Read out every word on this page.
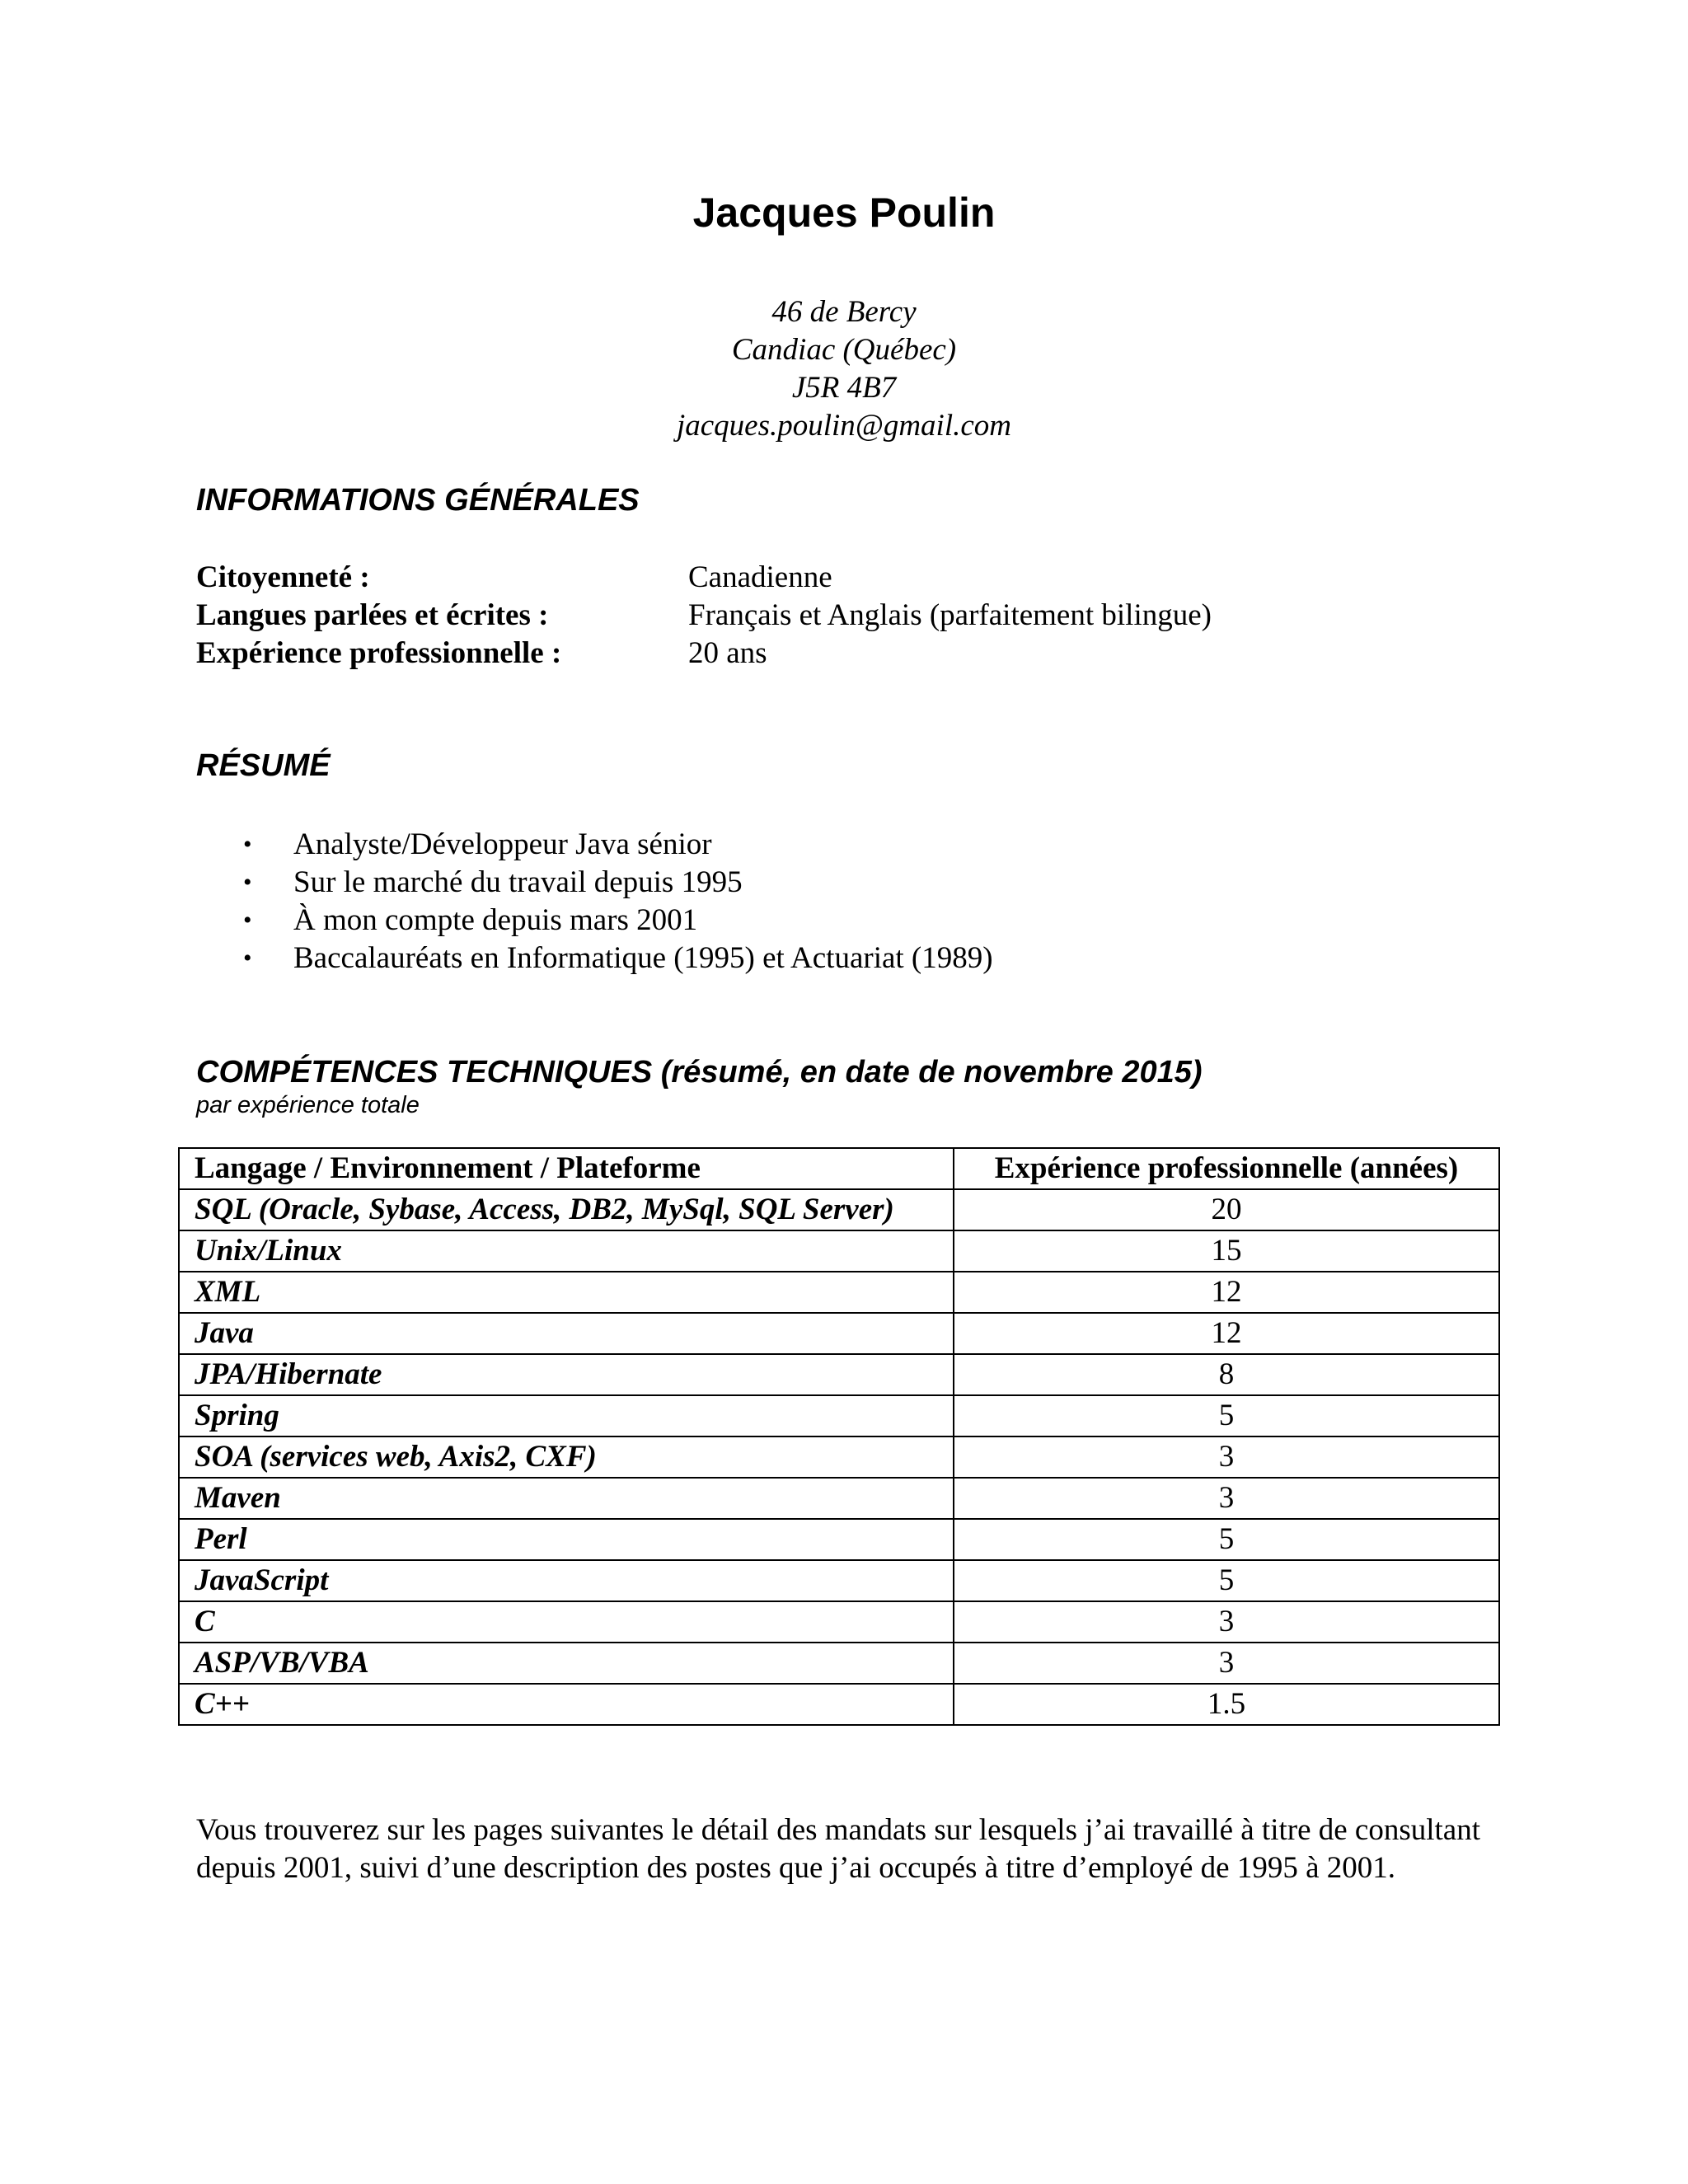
Jacques Poulin
46 de Bercy
Candiac (Québec)
J5R 4B7
jacques.poulin@gmail.com
INFORMATIONS GÉNÉRALES
Citoyenneté :	Canadienne
Langues parlées et écrites :	Français et Anglais (parfaitement bilingue)
Expérience professionnelle :	20 ans
RÉSUMÉ
• Analyste/Développeur Java sénior
• Sur le marché du travail depuis 1995
• À mon compte depuis mars 2001
• Baccalauréats en Informatique (1995) et Actuariat (1989)
COMPÉTENCES TECHNIQUES (résumé, en date de novembre 2015)
par expérience totale
Langage / Environnement / Plateforme	Expérience professionnelle (années)
SQL (Oracle, Sybase, Access, DB2, MySql, SQL Server)	20
Unix/Linux	15
XML	12
Java	12
JPA/Hibernate	8
Spring	5
SOA (services web, Axis2, CXF)	3
Maven	3
Perl	5
JavaScript	5
C	3
ASP/VB/VBA	3
C++	1.5
Vous trouverez sur les pages suivantes le détail des mandats sur lesquels j’ai travaillé à titre de consultant depuis 2001, suivi d’une description des postes que j’ai occupés à titre d’employé de 1995 à 2001.
